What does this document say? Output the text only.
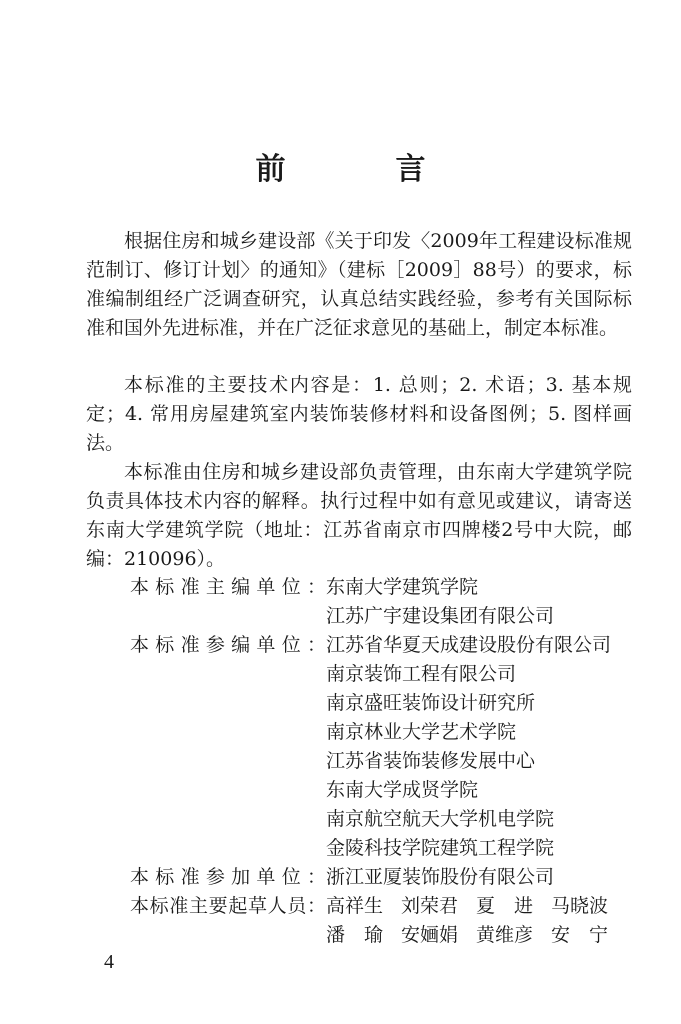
前　言

根据住房和城乡建设部《关于印发〈2009年工程建设标准规范制订、修订计划〉的通知》（建标［2009］88号）的要求，标准编制组经广泛调查研究，认真总结实践经验，参考有关国际标准和国外先进标准，并在广泛征求意见的基础上，制定本标准。

本标准的主要技术内容是：1. 总则；2. 术语；3. 基本规定；4. 常用房屋建筑室内装饰装修材料和设备图例；5. 图样画法。

本标准由住房和城乡建设部负责管理，由东南大学建筑学院负责具体技术内容的解释。执行过程中如有意见或建议，请寄送东南大学建筑学院（地址：江苏省南京市四牌楼2号中大院，邮编：210096）。

本标准主编单位：东南大学建筑学院
江苏广宇建设集团有限公司
本标准参编单位：江苏省华夏天成建设股份有限公司
南京装饰工程有限公司
南京盛旺装饰设计研究所
南京林业大学艺术学院
江苏省装饰装修发展中心
东南大学成贤学院
南京航空航天大学机电学院
金陵科技学院建筑工程学院
本标准参加单位：浙江亚厦装饰股份有限公司
本标准主要起草人员：高祥生 刘荣君 夏　进 马晓波
潘　瑜 安婳娟 黄维彦 安　宁
4
